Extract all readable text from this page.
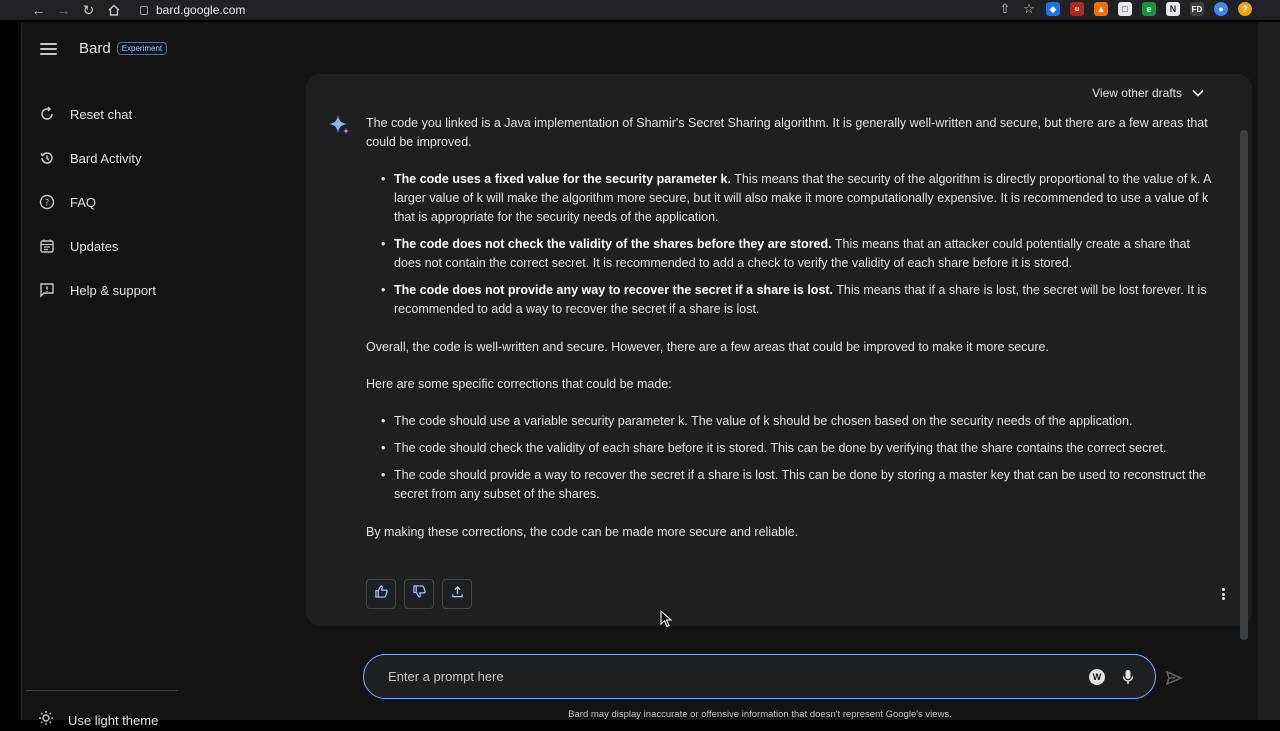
← → ↻	bard.google.com	⇧ ☆	◆	u	▲	□	e	N	FD	●	?
Bard	Experiment
Reset chat
Bard Activity
? FAQ
Updates
Help & support
Use light theme
View other drafts

The code you linked is a Java implementation of Shamir's Secret Sharing algorithm. It is generally well-written and secure, but there are a few areas that could be improved.

• The code uses a fixed value for the security parameter k. This means that the security of the algorithm is directly proportional to the value of k. A larger value of k will make the algorithm more secure, but it will also make it more computationally expensive. It is recommended to use a value of k that is appropriate for the security needs of the application.
• The code does not check the validity of the shares before they are stored. This means that an attacker could potentially create a share that does not contain the correct secret. It is recommended to add a check to verify the validity of each share before it is stored.
• The code does not provide any way to recover the secret if a share is lost. This means that if a share is lost, the secret will be lost forever. It is recommended to add a way to recover the secret if a share is lost.

Overall, the code is well-written and secure. However, there are a few areas that could be improved to make it more secure.

Here are some specific corrections that could be made:

• The code should use a variable security parameter k. The value of k should be chosen based on the security needs of the application.
• The code should check the validity of each share before it is stored. This can be done by verifying that the share contains the correct secret.
• The code should provide a way to recover the secret if a share is lost. This can be done by storing a master key that can be used to reconstruct the secret from any subset of the shares.

By making these corrections, the code can be made more secure and reliable.

Enter a prompt here
W
Bard may display inaccurate or offensive information that doesn't represent Google's views.
